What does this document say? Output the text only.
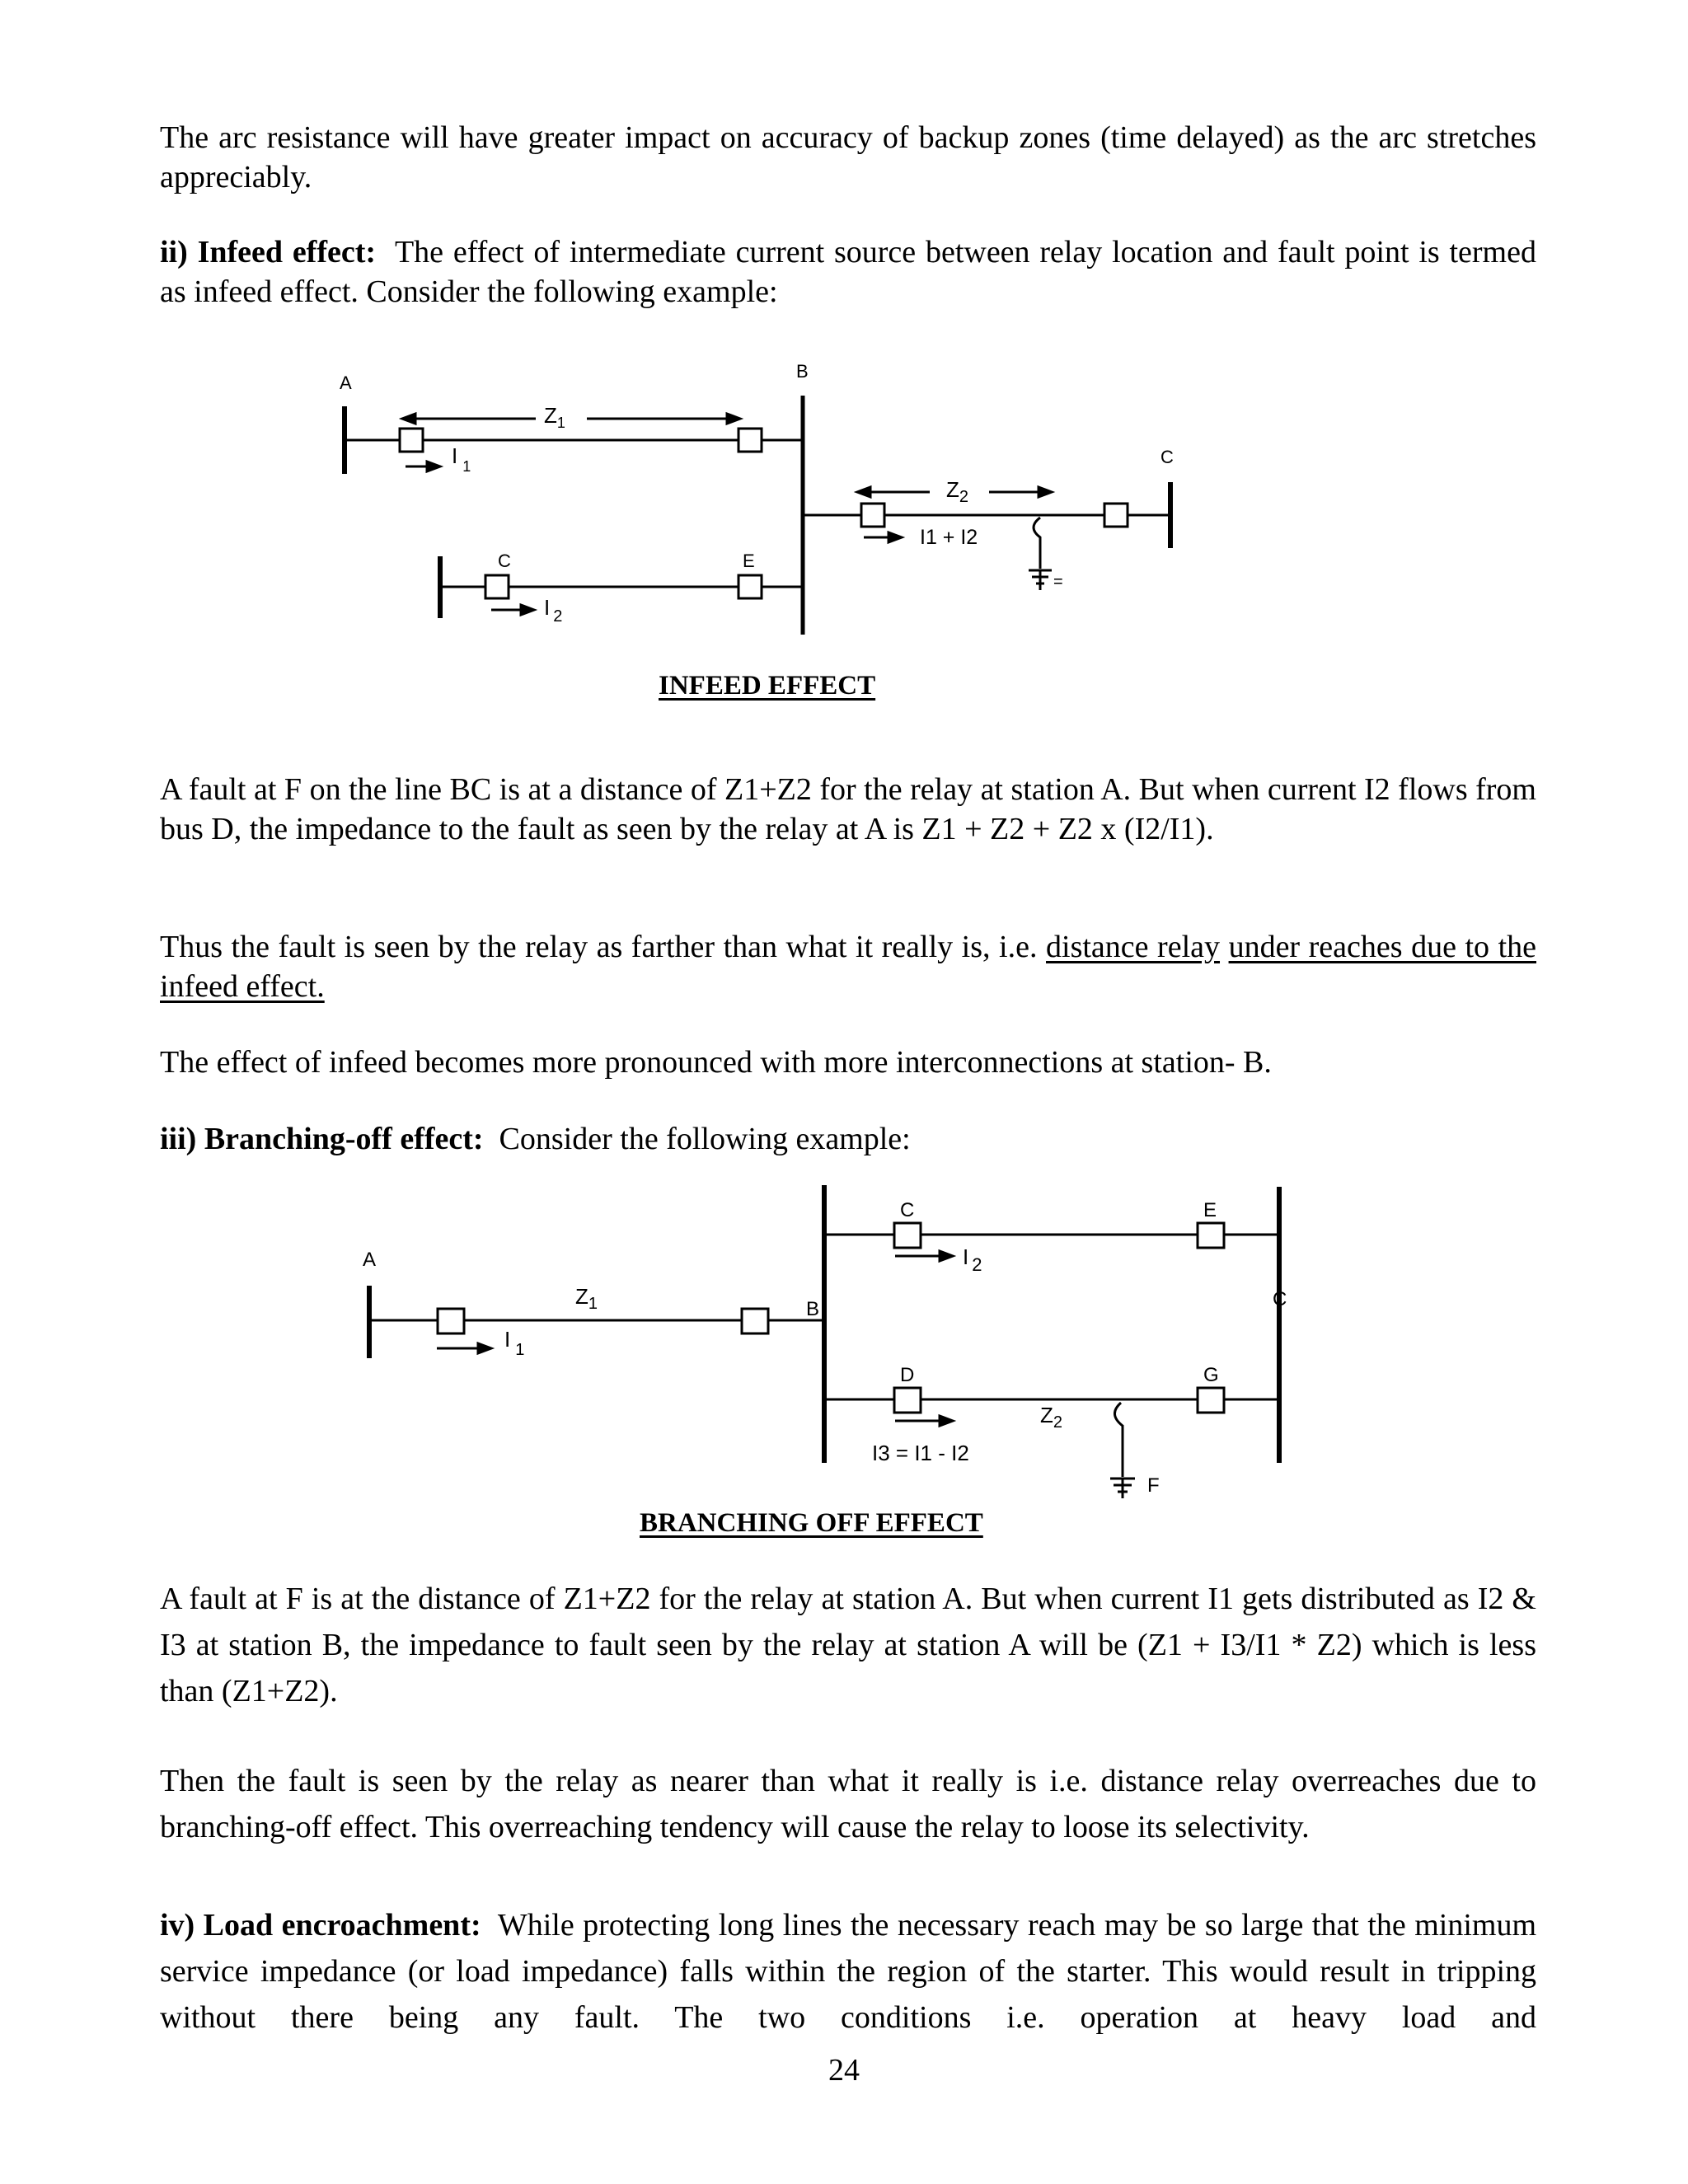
The arc resistance will have greater impact on accuracy of backup zones (time delayed) as the arc stretches appreciably.

ii) Infeed effect: The effect of intermediate current source between relay location and fault point is termed as infeed effect. Consider the following example:

A
B
C
C	E
=
$Z_1$
I $_1$
I $_2$
$Z_2$
I1 + I2
INFEED EFFECT

A fault at F on the line BC is at a distance of Z1+Z2 for the relay at station A. But when current I2 flows from bus D, the impedance to the fault as seen by the relay at A is Z1 + Z2 + Z2 x (I2/I1).

Thus the fault is seen by the relay as farther than what it really is, i.e. distance relay under reaches due to the infeed effect.

The effect of infeed becomes more pronounced with more interconnections at station- B.

iii) Branching-off effect: Consider the following example:

A
B
C
C
E
D	G
F
$Z_1$
I $_1$
I $_2$
$Z_2$
I3 = I1 - I2
BRANCHING OFF EFFECT

A fault at F is at the distance of Z1+Z2 for the relay at station A. But when current I1 gets distributed as I2 & I3 at station B, the impedance to fault seen by the relay at station A will be (Z1 + I3/I1 * Z2) which is less than (Z1+Z2).

Then the fault is seen by the relay as nearer than what it really is i.e. distance relay overreaches due to branching-off effect. This overreaching tendency will cause the relay to loose its selectivity.

iv) Load encroachment: While protecting long lines the necessary reach may be so large that the minimum service impedance (or load impedance) falls within the region of the starter. This would result in tripping without there being any fault. The two conditions i.e. operation at heavy load and

24
